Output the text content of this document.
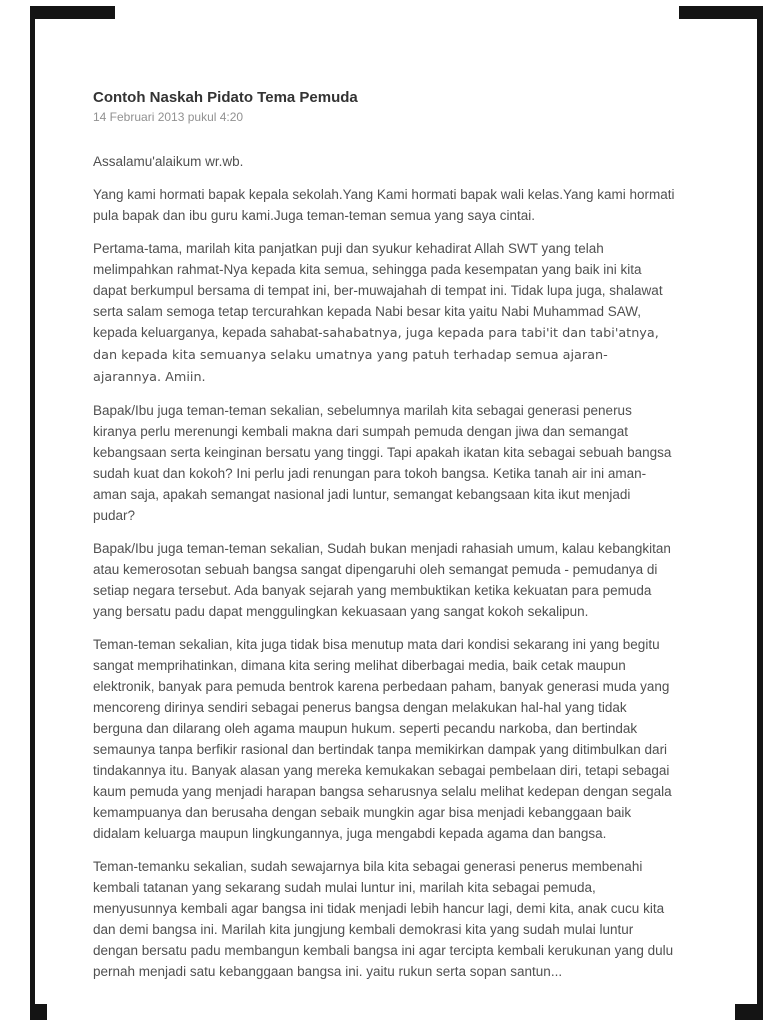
Contoh Naskah Pidato Tema Pemuda
14 Februari 2013 pukul 4:20

Assalamu'alaikum wr.wb.

Yang kami hormati bapak kepala sekolah.Yang Kami hormati bapak wali kelas.Yang kami hormati pula bapak dan ibu guru kami.Juga teman-teman semua yang saya cintai.

Pertama-tama, marilah kita panjatkan puji dan syukur kehadirat Allah SWT yang telah melimpahkan rahmat-Nya kepada kita semua, sehingga pada kesempatan yang baik ini kita dapat berkumpul bersama di tempat ini, ber-muwajahah di tempat ini. Tidak lupa juga, shalawat serta salam semoga tetap tercurahkan kepada Nabi besar kita yaitu Nabi Muhammad SAW, kepada keluarganya, kepada sahabat-sahabatnya, juga kepada para tabi'it dan tabi'atnya, dan kepada kita semuanya selaku umatnya yang patuh terhadap semua ajaran-ajarannya. Amiin.

Bapak/Ibu juga teman-teman sekalian, sebelumnya marilah kita sebagai generasi penerus kiranya perlu merenungi kembali makna dari sumpah pemuda dengan jiwa dan semangat kebangsaan serta keinginan bersatu yang tinggi. Tapi apakah ikatan kita sebagai sebuah bangsa sudah kuat dan kokoh? Ini perlu jadi renungan para tokoh bangsa. Ketika tanah air ini aman-aman saja, apakah semangat nasional jadi luntur, semangat kebangsaan kita ikut menjadi pudar?

Bapak/Ibu juga teman-teman sekalian, Sudah bukan menjadi rahasiah umum, kalau kebangkitan atau kemerosotan sebuah bangsa sangat dipengaruhi oleh semangat pemuda - pemudanya di setiap negara tersebut. Ada banyak sejarah yang membuktikan ketika kekuatan para pemuda yang bersatu padu dapat menggulingkan kekuasaan yang sangat kokoh sekalipun.

Teman-teman sekalian, kita juga tidak bisa menutup mata dari kondisi sekarang ini yang begitu sangat memprihatinkan, dimana kita sering melihat diberbagai media, baik cetak maupun elektronik, banyak para pemuda bentrok karena perbedaan paham, banyak generasi muda yang mencoreng dirinya sendiri sebagai penerus bangsa dengan melakukan hal-hal yang tidak berguna dan dilarang oleh agama maupun hukum. seperti pecandu narkoba, dan bertindak semaunya tanpa berfikir rasional dan bertindak tanpa memikirkan dampak yang ditimbulkan dari tindakannya itu. Banyak alasan yang mereka kemukakan sebagai pembelaan diri, tetapi sebagai kaum pemuda yang menjadi harapan bangsa seharusnya selalu melihat kedepan dengan segala kemampuanya dan berusaha dengan sebaik mungkin agar bisa menjadi kebanggaan baik didalam keluarga maupun lingkungannya, juga mengabdi kepada agama dan bangsa.

Teman-temanku sekalian, sudah sewajarnya bila kita sebagai generasi penerus membenahi kembali tatanan yang sekarang sudah mulai luntur ini, marilah kita sebagai pemuda, menyusunnya kembali agar bangsa ini tidak menjadi lebih hancur lagi, demi kita, anak cucu kita dan demi bangsa ini. Marilah kita jungjung kembali demokrasi kita yang sudah mulai luntur dengan bersatu padu membangun kembali bangsa ini agar tercipta kembali kerukunan yang dulu pernah menjadi satu kebanggaan bangsa ini. yaitu rukun serta sopan santun...
